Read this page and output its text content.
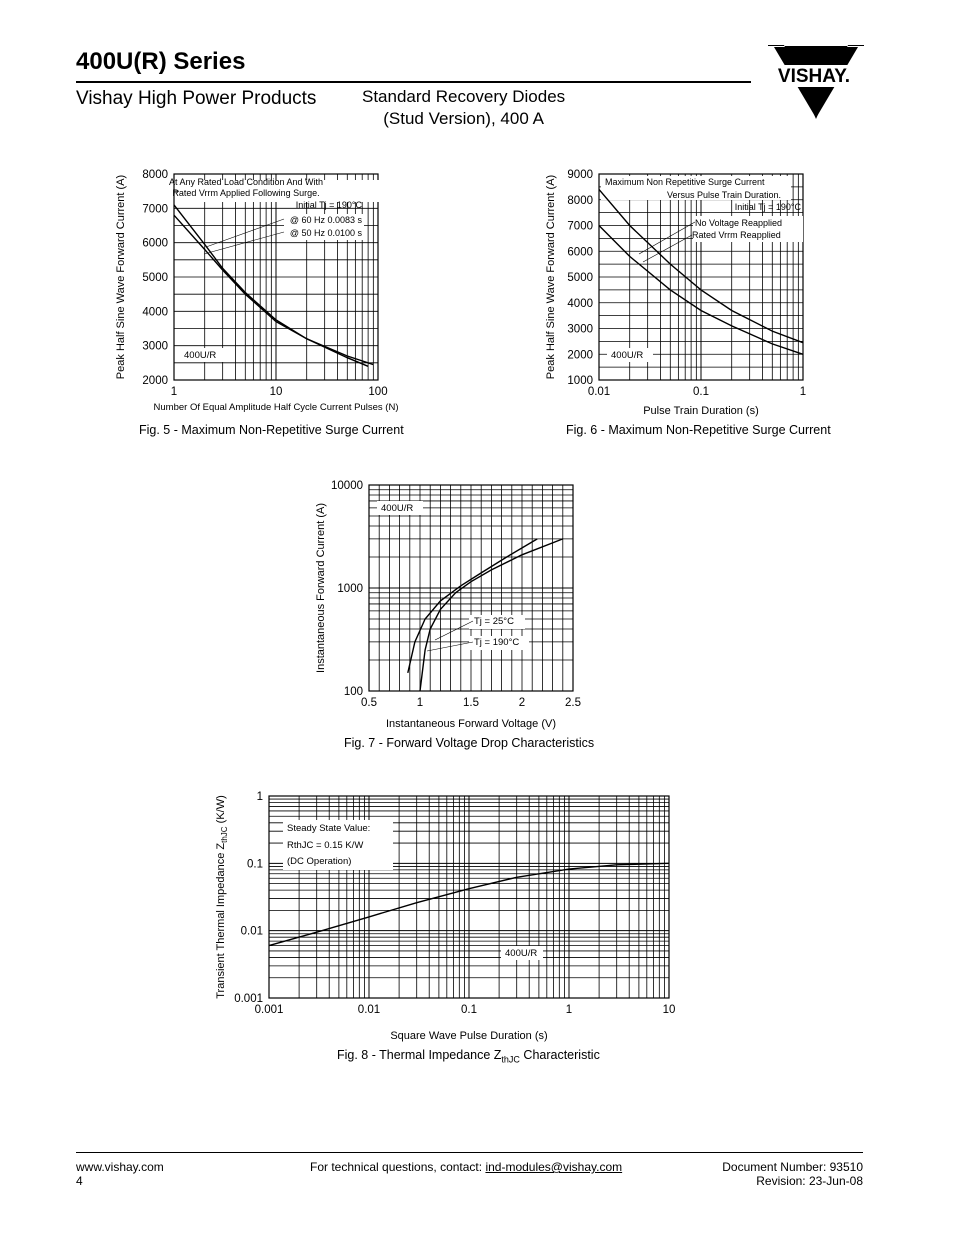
400U(R) Series
Vishay High Power Products	Standard Recovery Diodes
(Stud Version), 400 A
VISHAY.
At Any Rated Load Condition And With
Rated Vrrm Applied Following Surge.
Initial Tj = 190°C
@ 60 Hz 0.0083 s
@ 50 Hz 0.0100 s
400U/R
1	10	100
2000
3000
4000
5000
6000
7000
8000
Number Of Equal Amplitude Half Cycle Current Pulses (N)
Peak Half Sine Wave Forward Current (A)
Fig. 5 - Maximum Non-Repetitive Surge Current
Maximum Non Repetitive Surge Current
Versus Pulse Train Duration.
Initial Tj = 190°C
No Voltage Reapplied
Rated Vrrm Reapplied
400U/R
0.01	0.1	1
1000
2000
3000
4000
5000
6000
7000
8000
9000
Pulse Train Duration (s)
Peak Half Sine Wave Forward Current (A)
Fig. 6 - Maximum Non-Repetitive Surge Current
400U/R
Tj = 25°C
Tj = 190°C
0.5	1	1.5	2	2.5
100
1000
10000
Instantaneous Forward Voltage (V)
Instantaneous Forward Current (A)
Fig. 7 - Forward Voltage Drop Characteristics
Steady State Value:
RthJC = 0.15 K/W
(DC Operation)
400U/R
0.001	0.01	0.1	1	10
0.001
0.01
0.1
1
Square Wave Pulse Duration (s)
Transient Thermal Impedance $Z_{thJC}$ (K/W)
Fig. 8 - Thermal Impedance $Z_{thJC}$ Characteristic
www.vishay.com
4
For technical questions, contact: ind-modules@vishay.com	Document Number: 93510
Revision: 23-Jun-08
